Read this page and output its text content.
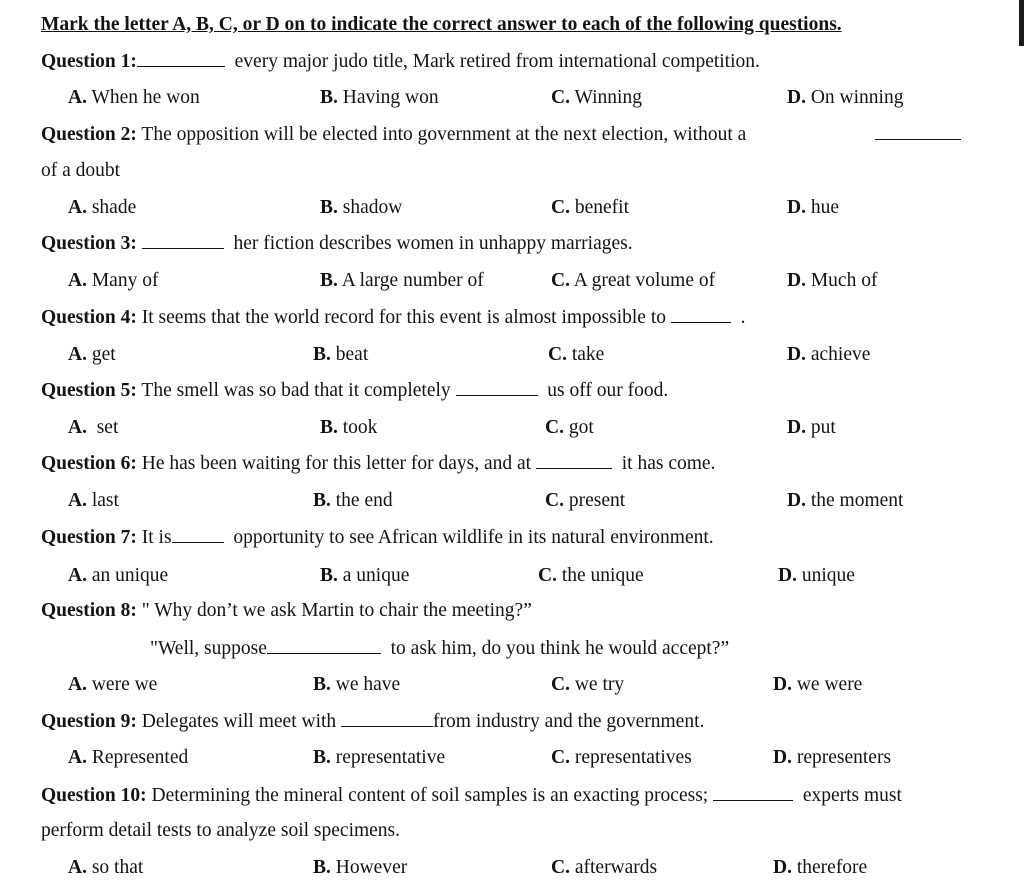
Mark the letter A, B, C, or D on to indicate the correct answer to each of the following questions.
Question 1:	every major judo title, Mark retired from international competition.
A. When he won	B. Having won	C. Winning	D. On winning
Question 2: The opposition will be elected into government at the next election, without a
of a doubt
A. shade	B. shadow	C. benefit	D. hue
Question 3:	her fiction describes women in unhappy marriages.
A. Many of	B. A large number of	C. A great volume of	D. Much of
Question 4: It seems that the world record for this event is almost impossible to	.
A. get	B. beat	C. take	D. achieve
Question 5: The smell was so bad that it completely	us off our food.
A. set	B. took	C. got	D. put
Question 6: He has been waiting for this letter for days, and at	it has come.
A. last	B. the end	C. present	D. the moment
Question 7: It is	opportunity to see African wildlife in its natural environment.
A. an unique	B. a unique	C. the unique	D. unique
Question 8: " Why don’t we ask Martin to chair the meeting?”
"Well, suppose	to ask him, do you think he would accept?”
A. were we	B. we have	C. we try	D. we were
Question 9: Delegates will meet with	from industry and the government.
A. Represented	B. representative	C. representatives	D. representers
Question 10: Determining the mineral content of soil samples is an exacting process;	experts must
perform detail tests to analyze soil specimens.
A. so that	B. However	C. afterwards	D. therefore
